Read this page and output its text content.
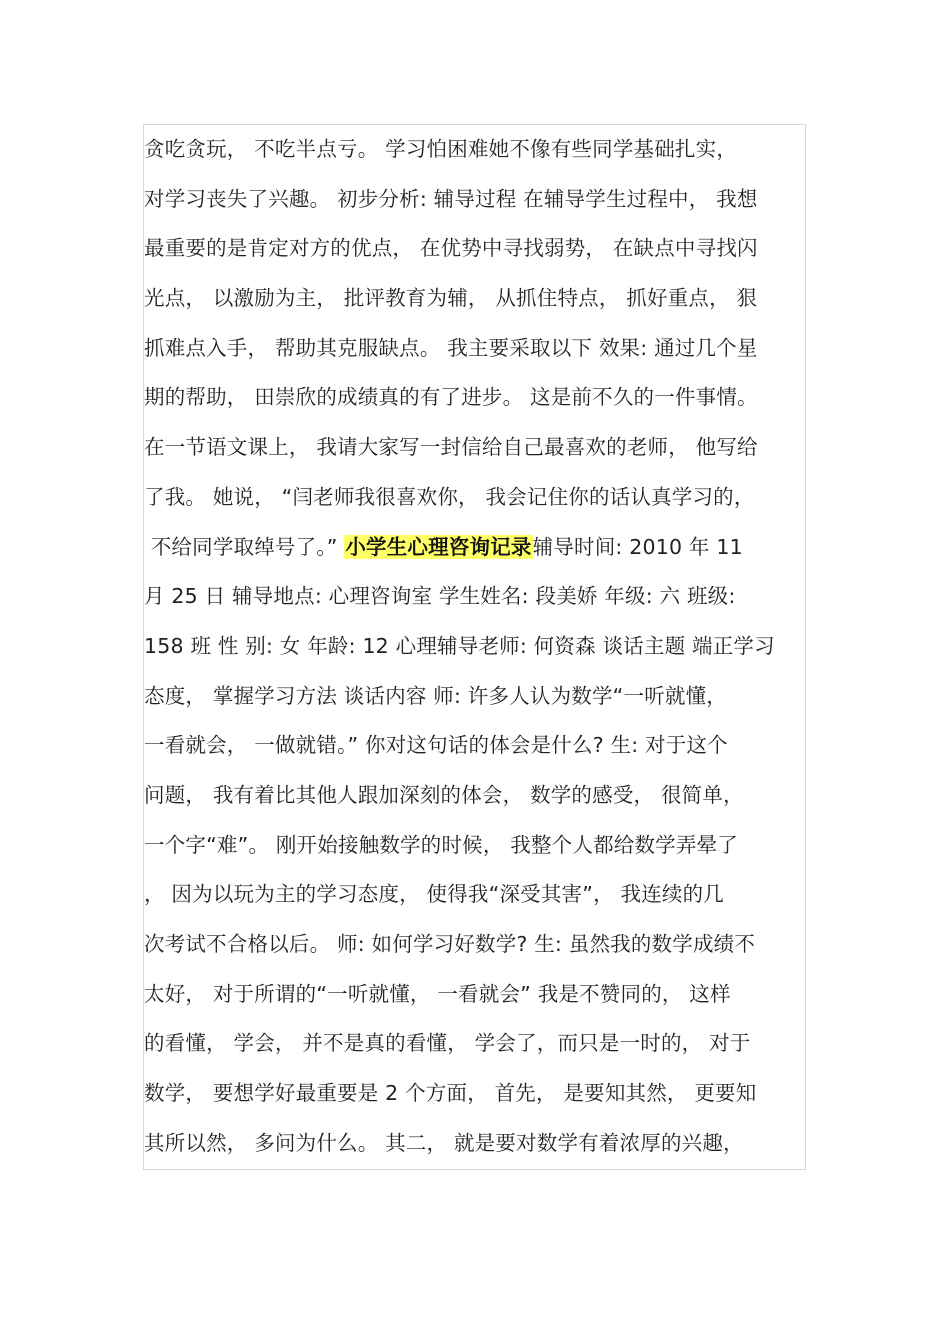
贪吃贪玩， 不吃半点亏。 学习怕困难她不像有些同学基础扎实，
对学习丧失了兴趣。 初步分析: 辅导过程 在辅导学生过程中， 我想
最重要的是肯定对方的优点， 在优势中寻找弱势， 在缺点中寻找闪
光点， 以激励为主， 批评教育为辅， 从抓住特点， 抓好重点， 狠
抓难点入手， 帮助其克服缺点。 我主要采取以下 效果: 通过几个星
期的帮助， 田崇欣的成绩真的有了进步。 这是前不久的一件事情。
在一节语文课上， 我请大家写一封信给自己最喜欢的老师， 他写给
了我。 她说， “闫老师我很喜欢你， 我会记住你的话认真学习的，
不给同学取绰号了。” 小学生心理咨询记录辅导时间: 2010 年 11
月 25 日 辅导地点: 心理咨询室 学生姓名: 段美娇 年级: 六 班级:
158 班 性 别: 女 年龄: 12 心理辅导老师: 何资森 谈话主题 端正学习
态度， 掌握学习方法 谈话内容 师: 许多人认为数学“一听就懂，
一看就会， 一做就错。” 你对这句话的体会是什么? 生: 对于这个
问题， 我有着比其他人跟加深刻的体会， 数学的感受， 很简单，
一个字“难”。 刚开始接触数学的时候， 我整个人都给数学弄晕了
， 因为以玩为主的学习态度， 使得我“深受其害”， 我连续的几
次考试不合格以后。 师: 如何学习好数学? 生: 虽然我的数学成绩不
太好， 对于所谓的“一听就懂， 一看就会” 我是不赞同的， 这样
的看懂， 学会， 并不是真的看懂， 学会了，而只是一时的， 对于
数学， 要想学好最重要是 2 个方面， 首先， 是要知其然， 更要知
其所以然， 多问为什么。 其二， 就是要对数学有着浓厚的兴趣，
